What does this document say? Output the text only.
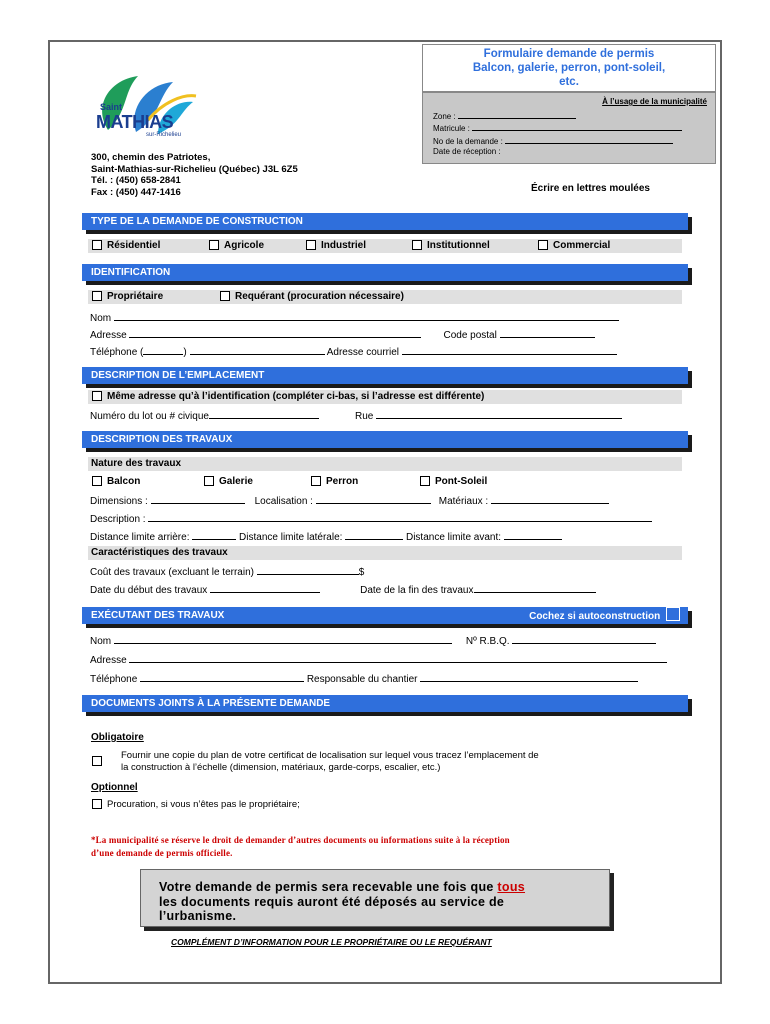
Saint
MATHIAS
sur-Richelieu
300, chemin des Patriotes,
Saint-Mathias-sur-Richelieu (Québec) J3L 6Z5
Tél. : (450) 658-2841
Fax : (450) 447-1416
Formulaire demande de permis
Balcon, galerie, perron, pont-soleil,
etc.
À l’usage de la municipalité
Zone :
Matricule :
No de la demande :
Date de réception :
Écrire en lettres moulées
TYPE DE LA DEMANDE DE CONSTRUCTION
Résidentiel	Agricole	Industriel	Institutionnel	Commercial
IDENTIFICATION
Propriétaire	Requérant (procuration nécessaire)
Nom
Adresse	Code postal
Téléphone (	)	Adresse courriel
DESCRIPTION DE L’EMPLACEMENT
Même adresse qu’à l’identification (compléter ci-bas, si l’adresse est différente)
Numéro du lot ou # civique	Rue
DESCRIPTION DES TRAVAUX
Nature des travaux
Balcon	Galerie	Perron	Pont-Soleil
Dimensions :	Localisation :	Matériaux :
Description :
Distance limite arrière:	Distance limite latérale:	Distance limite avant:
Caractéristiques des travaux
Coût des travaux (excluant le terrain)	$
Date du début des travaux	Date de la fin des travaux
EXÉCUTANT DES TRAVAUX	Cochez si autoconstruction
Nom	Nº R.B.Q.
Adresse
Téléphone	Responsable du chantier
DOCUMENTS JOINTS À LA PRÉSENTE DEMANDE
Obligatoire
Fournir une copie du plan de votre certificat de localisation sur lequel vous tracez l’emplacement de
la construction à l’échelle (dimension, matériaux, garde-corps, escalier, etc.)
Optionnel
Procuration, si vous n’êtes pas le propriétaire;
*La municipalité se réserve le droit de demander d’autres documents ou informations suite à la réception
d’une demande de permis officielle.
Votre demande de permis sera recevable une fois que tous
les documents requis auront été déposés au service de
l’urbanisme.
COMPLÉMENT D’INFORMATION POUR LE PROPRIÉTAIRE OU LE REQUÉRANT
